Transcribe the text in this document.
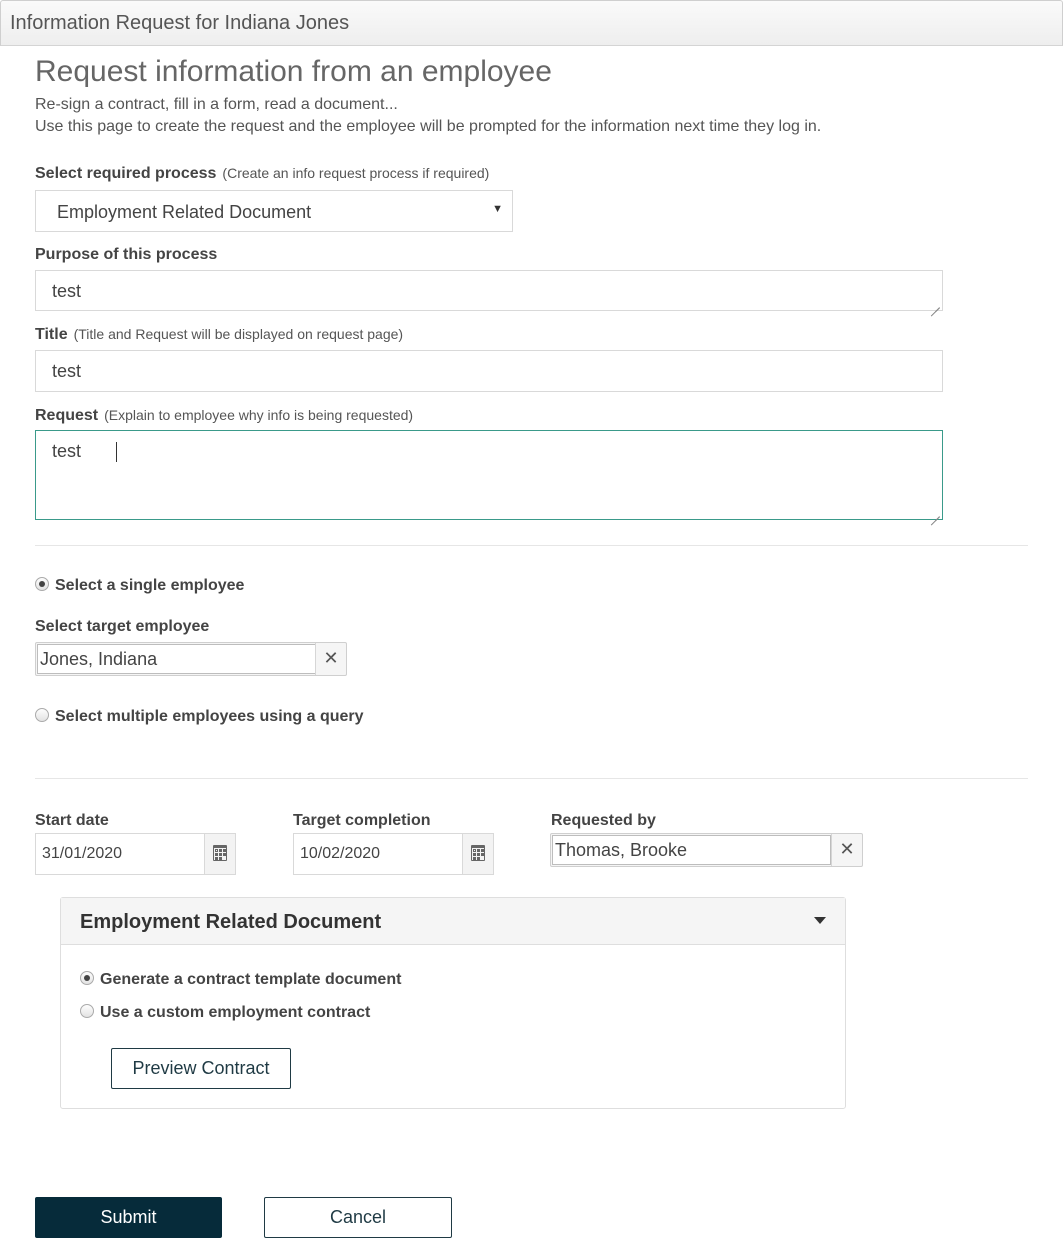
Information Request for Indiana Jones
Request information from an employee
Re-sign a contract, fill in a form, read a document...
Use this page to create the request and the employee will be prompted for the information next time they log in.
Select required process (Create an info request process if required)
Employment Related Document	▼
Purpose of this process
test
Title (Title and Request will be displayed on request page)
test
Request (Explain to employee why info is being requested)
test
Select a single employee
Select target employee
Jones, Indiana	✕
Select multiple employees using a query
Start date
31/01/2020
Target completion
10/02/2020
Requested by
Thomas, Brooke	✕
Employment Related Document
Generate a contract template document
Use a custom employment contract
Preview Contract
Submit	Cancel
